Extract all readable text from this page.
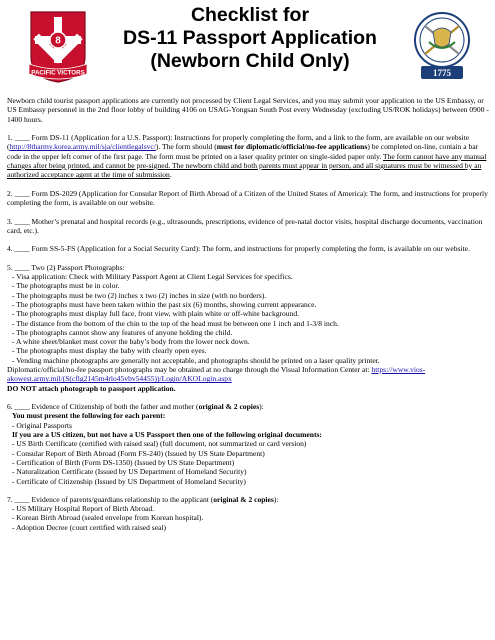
PACIFIC VICTORS
8
Checklist for
DS-11 Passport Application
(Newborn Child Only)
1775

Newborn child tourist passport applications are currently not processed by Client Legal Services, and you may submit your application to the US Embassy, or US Embassy personnel in the 2nd floor lobby of building 4106 on USAG-Yongsan South Post every Wednesday (excluding US/ROK holidays) between 0900 - 1400 hours.

1. ____ Form DS-11 (Application for a U.S. Passport): Instructions for properly completing the form, and a link to the form, are available on our website (http://8tharmy.korea.army.mil/sja/clientlegalsvc/). The form should (must for diplomatic/official/no-fee applications) be completed on-line, contain a bar code in the upper left corner of the first page. The form must be printed on a laser quality printer on single-sided paper only. The form cannot have any manual changes after being printed, and cannot be pre-signed. The newborn child and both parents must appear in person, and all signatures must be witnessed by an authorized acceptance agent at the time of submission.

2. ____ Form DS-2029 (Application for Consular Report of Birth Abroad of a Citizen of the United States of America): The form, and instructions for properly completing the form, is available on our website.

3. ____ Mother’s prenatal and hospital records (e.g., ultrasounds, prescriptions, evidence of pre-natal doctor visits, hospital discharge documents, vaccination card, etc.).

4. ____ Form SS-5-FS (Application for a Social Security Card): The form, and instructions for properly completing the form, is available on our website.

5. ____ Two (2) Passport Photographs:

- Visa application: Check with Military Passport Agent at Client Legal Services for specifics.
- The photographs must be in color.
- The photographs must be two (2) inches x two (2) inches in size (with no borders).
- The photographs must have been taken within the past six (6) months, showing current appearance.
- The photographs must display full face, front view, with plain white or off-white background.
- The distance from the bottom of the chin to the top of the head must be between one 1 inch and 1-3/8 inch.
- The photographs cannot show any features of anyone holding the child.
- A white sheet/blanket must cover the baby’s body from the lower neck down.
- The photographs must display the baby with clearly open eyes.
- Vending machine photographs are generally not acceptable, and photographs should be printed on a laser quality printer.
Diplomatic/official/no-fee passport photographs may be obtained at no charge through the Visual Information Center at: https://www.vios-akowest.army.mil/(S(cflg2145m4rlo45vbv54455))/Login/AKOLogin.aspx

DO NOT attach photograph to passport application.

6. ____ Evidence of Citizenship of both the father and mother (original & 2 copies):

You must present the following for each parent:
- Original Passports
If you are a US citizen, but not have a US Passport then one of the following original documents:
- US Birth Certificate (certified with raised seal) (full document, not summarized or card version)
- Consular Report of Birth Abroad (Form FS-240) (Issued by US State Department)
- Certification of Birth (Form DS-1350) (Issued by US State Department)
- Naturalization Certificate (Issued by US Department of Homeland Security)
- Certificate of Citizenship (Issued by US Department of Homeland Security)

7. ____ Evidence of parents/guardians relationship to the applicant (original & 2 copies):

- US Military Hospital Report of Birth Abroad.
- Korean Birth Abroad (sealed envelope from Korean hospital).
- Adoption Decree (court certified with raised seal)
